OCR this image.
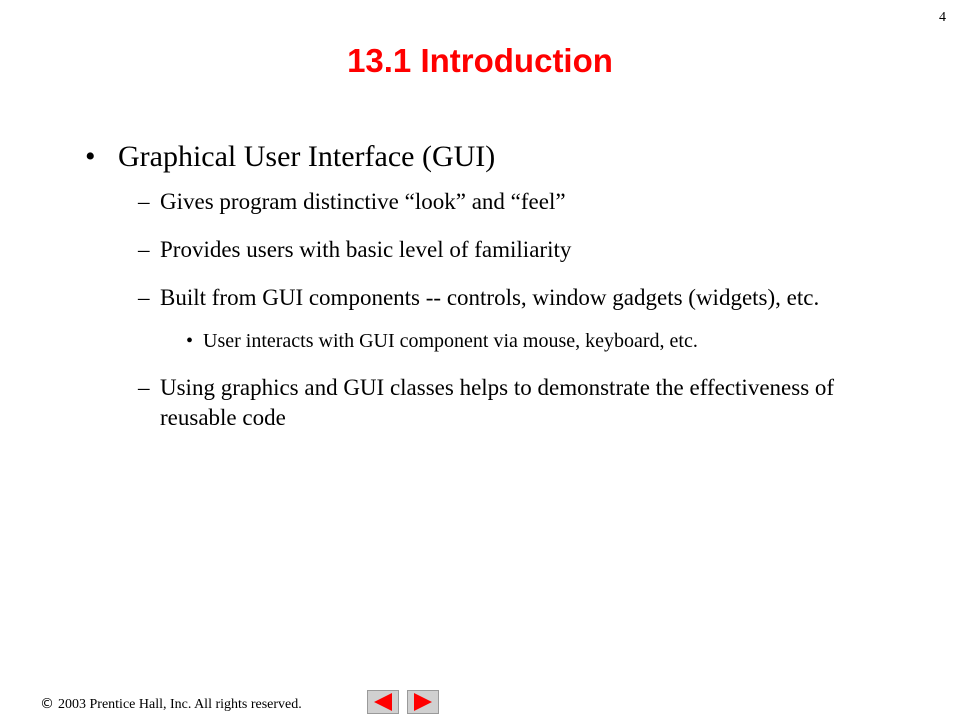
4
13.1 Introduction
• Graphical User Interface (GUI)
– Gives program distinctive “look” and “feel”
– Provides users with basic level of familiarity
– Built from GUI components -- controls, window gadgets (widgets), etc.
• User interacts with GUI component via mouse, keyboard, etc.
– Using graphics and GUI classes helps to demonstrate the effectiveness of reusable code
© 2003 Prentice Hall, Inc. All rights reserved.
